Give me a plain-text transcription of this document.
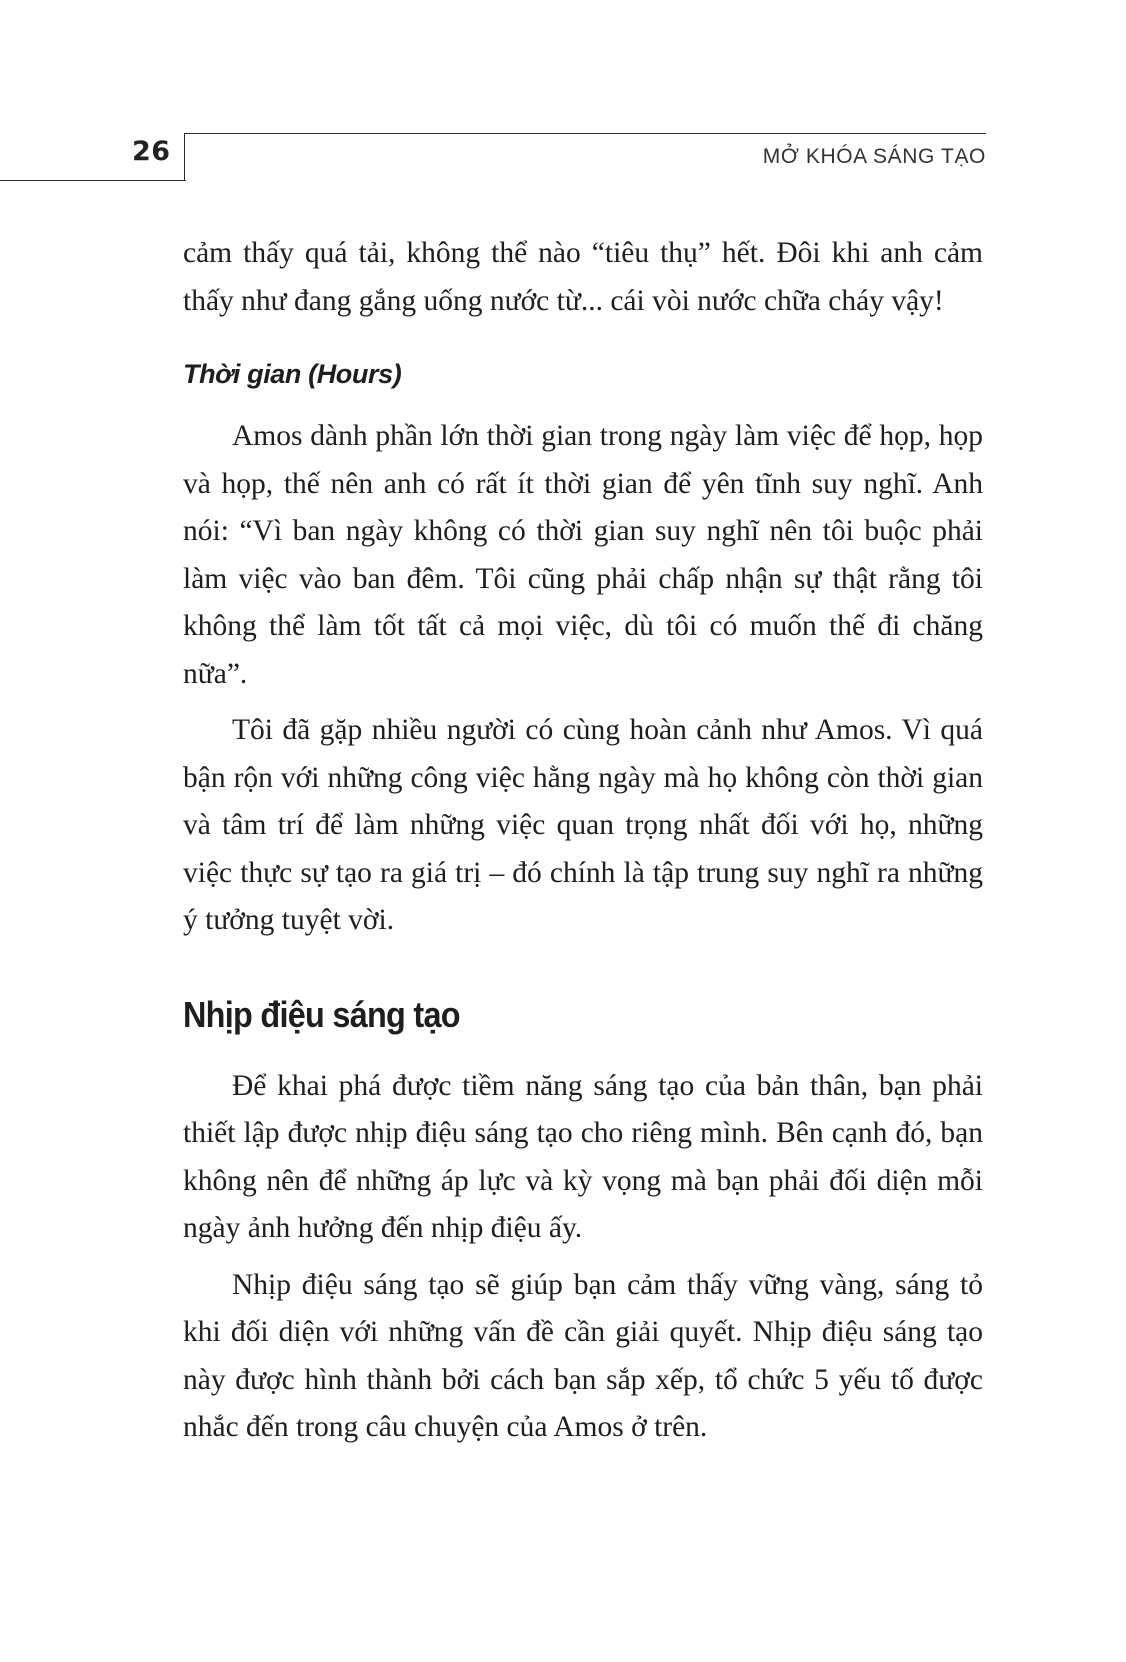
26	MỞ KHÓA SÁNG TẠO

cảm thấy quá tải, không thể nào “tiêu thụ” hết. Đôi khi anh cảm thấy như đang gắng uống nước từ... cái vòi nước chữa cháy vậy!

Thời gian (Hours)

Amos dành phần lớn thời gian trong ngày làm việc để họp, họp và họp, thế nên anh có rất ít thời gian để yên tĩnh suy nghĩ. Anh nói: “Vì ban ngày không có thời gian suy nghĩ nên tôi buộc phải làm việc vào ban đêm. Tôi cũng phải chấp nhận sự thật rằng tôi không thể làm tốt tất cả mọi việc, dù tôi có muốn thế đi chăng nữa”.

Tôi đã gặp nhiều người có cùng hoàn cảnh như Amos. Vì quá bận rộn với những công việc hằng ngày mà họ không còn thời gian và tâm trí để làm những việc quan trọng nhất đối với họ, những việc thực sự tạo ra giá trị – đó chính là tập trung suy nghĩ ra những ý tưởng tuyệt vời.

Nhịp điệu sáng tạo

Để khai phá được tiềm năng sáng tạo của bản thân, bạn phải thiết lập được nhịp điệu sáng tạo cho riêng mình. Bên cạnh đó, bạn không nên để những áp lực và kỳ vọng mà bạn phải đối diện mỗi ngày ảnh hưởng đến nhịp điệu ấy.

Nhịp điệu sáng tạo sẽ giúp bạn cảm thấy vững vàng, sáng tỏ khi đối diện với những vấn đề cần giải quyết. Nhịp điệu sáng tạo này được hình thành bởi cách bạn sắp xếp, tổ chức 5 yếu tố được nhắc đến trong câu chuyện của Amos ở trên.
